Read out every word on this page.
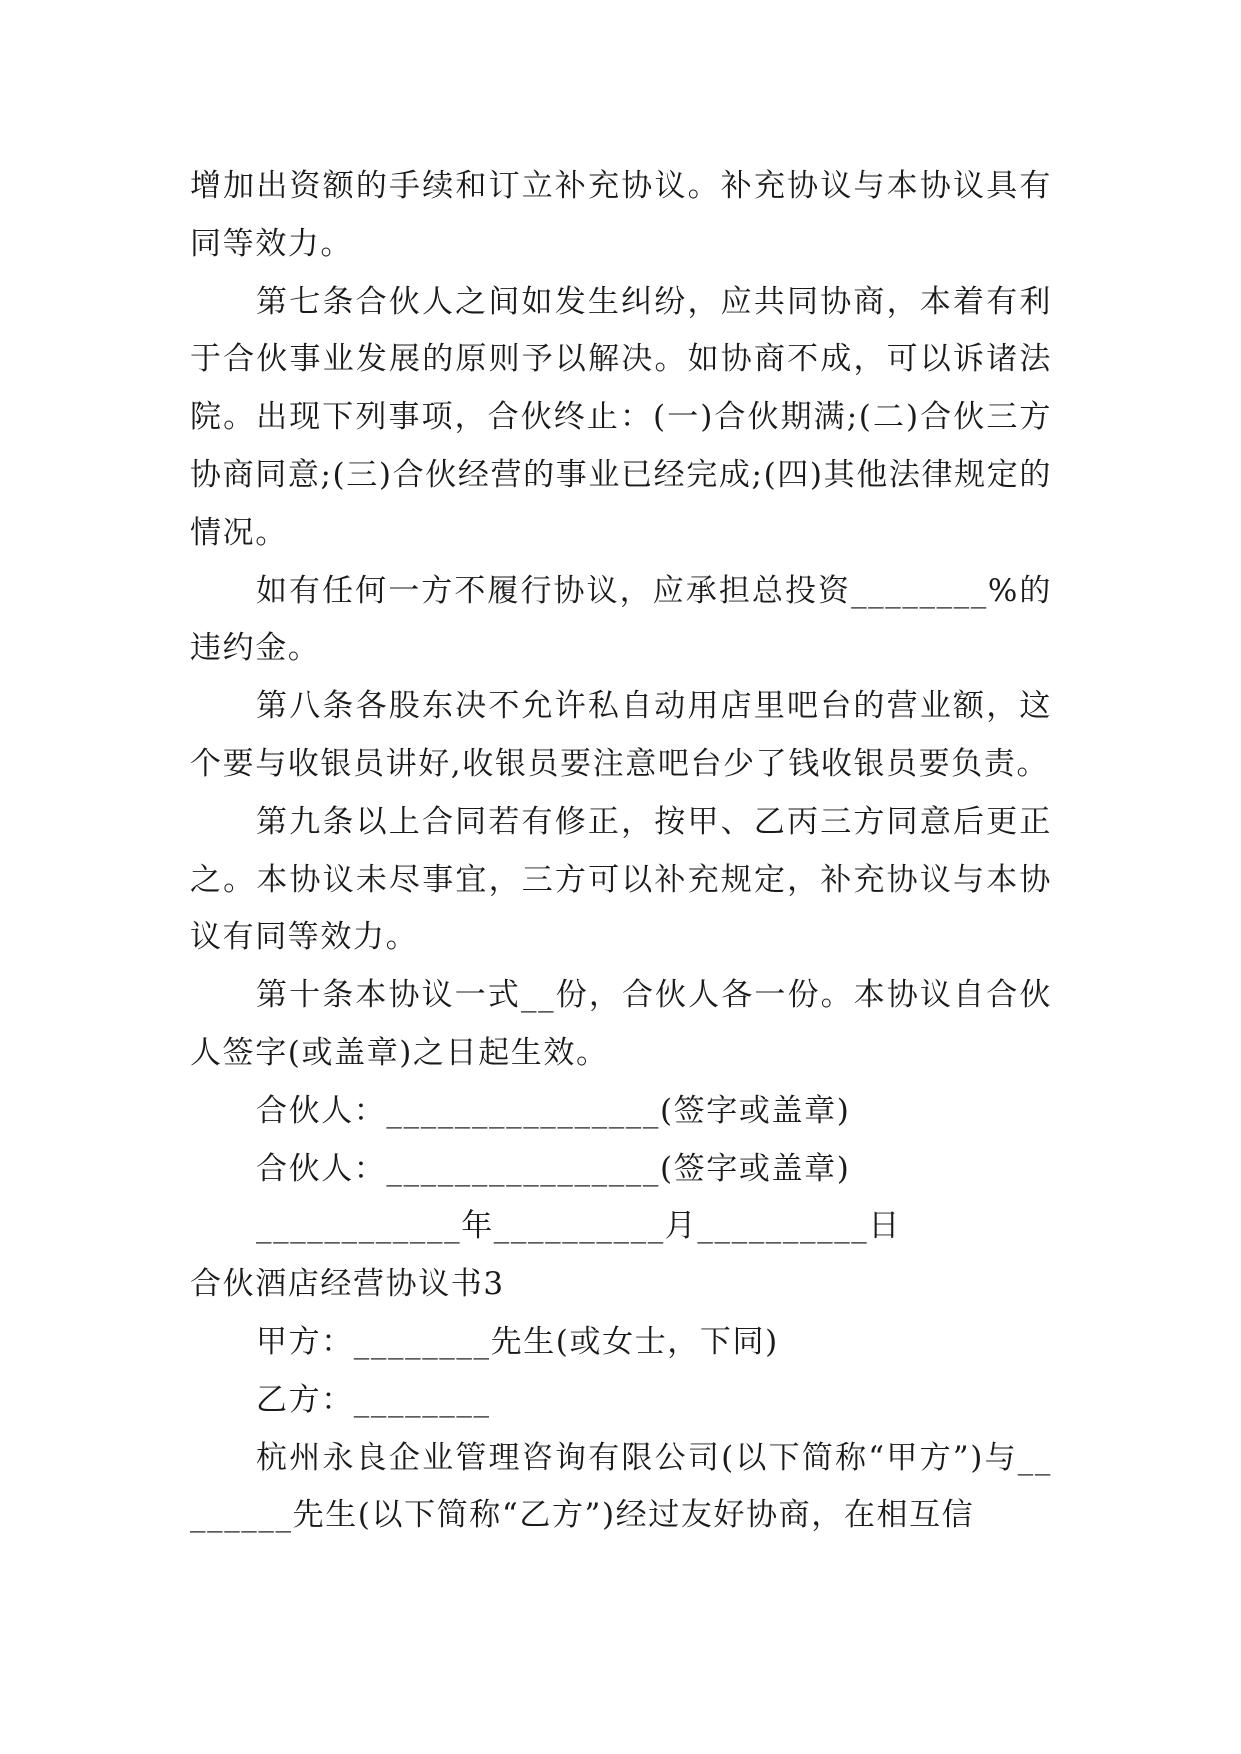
增加出资额的手续和订立补充协议。补充协议与本协议具有同等效力。

第七条合伙人之间如发生纠纷，应共同协商，本着有利于合伙事业发展的原则予以解决。如协商不成，可以诉诸法院。出现下列事项，合伙终止：(一)合伙期满;(二)合伙三方协商同意;(三)合伙经营的事业已经完成;(四)其他法律规定的情况。

如有任何一方不履行协议，应承担总投资________%的违约金。

第八条各股东决不允许私自动用店里吧台的营业额，这个要与收银员讲好,收银员要注意吧台少了钱收银员要负责。

第九条以上合同若有修正，按甲、乙丙三方同意后更正之。本协议未尽事宜，三方可以补充规定，补充协议与本协议有同等效力。

第十条本协议一式__份，合伙人各一份。本协议自合伙人签字(或盖章)之日起生效。

合伙人：________________(签字或盖章)

合伙人：________________(签字或盖章)

____________年__________月__________日

合伙酒店经营协议书3

甲方：________先生(或女士，下同)

乙方：________

杭州永良企业管理咨询有限公司(以下简称“甲方”)与________先生(以下简称“乙方”)经过友好协商，在相互信
